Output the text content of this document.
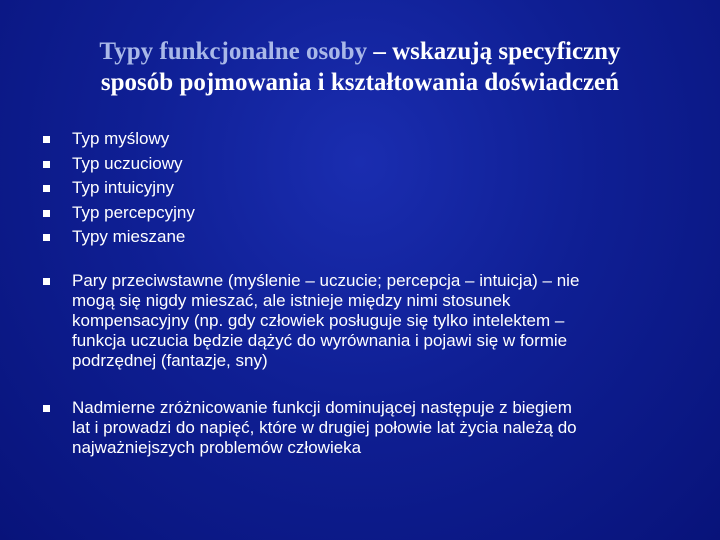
Typy funkcjonalne osoby – wskazują specyficzny
sposób pojmowania i kształtowania doświadczeń
Typ myślowy
Typ uczuciowy
Typ intuicyjny
Typ percepcyjny
Typy mieszane
Pary przeciwstawne (myślenie – uczucie; percepcja – intuicja) – nie
mogą się nigdy mieszać, ale istnieje między nimi stosunek
kompensacyjny (np. gdy człowiek posługuje się tylko intelektem –
funkcja uczucia będzie dążyć do wyrównania i pojawi się w formie
podrzędnej (fantazje, sny)
Nadmierne zróżnicowanie funkcji dominującej następuje z biegiem
lat i prowadzi do napięć, które w drugiej połowie lat życia należą do
najważniejszych problemów człowieka
